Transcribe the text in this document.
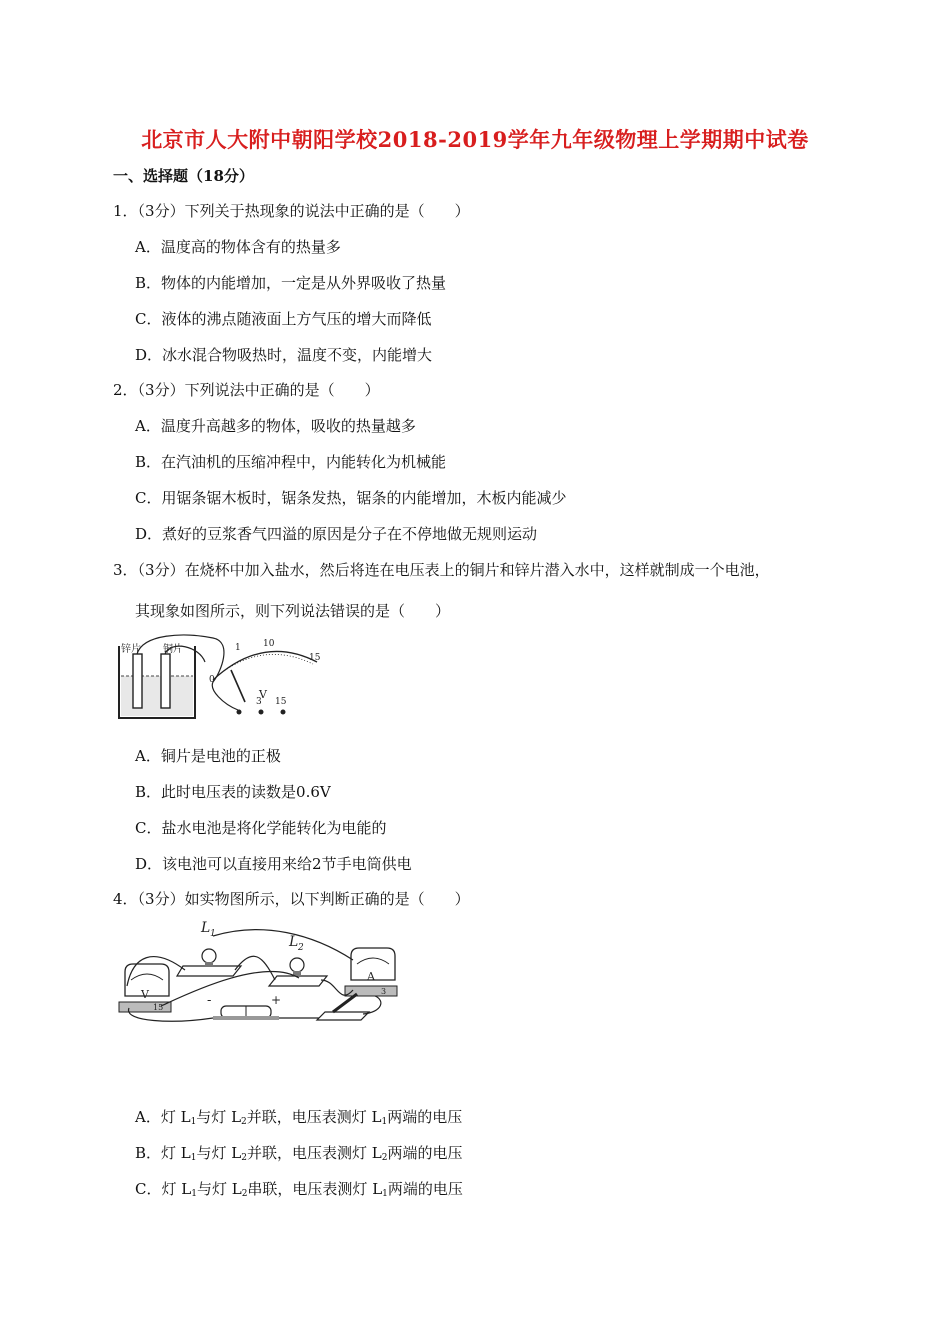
北京市人大附中朝阳学校2018-2019学年九年级物理上学期期中试卷
一、选择题（18分）
1．（3分）下列关于热现象的说法中正确的是（　　）
A．温度高的物体含有的热量多
B．物体的内能增加，一定是从外界吸收了热量
C．液体的沸点随液面上方气压的增大而降低
D．冰水混合物吸热时，温度不变，内能增大
2．（3分）下列说法中正确的是（　　）
A．温度升高越多的物体，吸收的热量越多
B．在汽油机的压缩冲程中，内能转化为机械能
C．用锯条锯木板时，锯条发热，锯条的内能增加，木板内能减少
D．煮好的豆浆香气四溢的原因是分子在不停地做无规则运动
3．（3分）在烧杯中加入盐水，然后将连在电压表上的铜片和锌片潜入水中，这样就制成一个电池，
其现象如图所示，则下列说法错误的是（　　）
锌片 铜片	1 10
0
15
V
3 15
A．铜片是电池的正极
B．此时电压表的读数是0.6V
C．盐水电池是将化学能转化为电能的
D．该电池可以直接用来给2节手电筒供电
4．（3分）如实物图所示，以下判断正确的是（　　）
L 1	L 2
V
15
A
3
-	+
A．灯 $L_1$与灯 $L_2$并联，电压表测灯 $L_1$两端的电压
B．灯 $L_1$与灯 $L_2$并联，电压表测灯 $L_2$两端的电压
C．灯 $L_1$与灯 $L_2$串联，电压表测灯 $L_1$两端的电压
